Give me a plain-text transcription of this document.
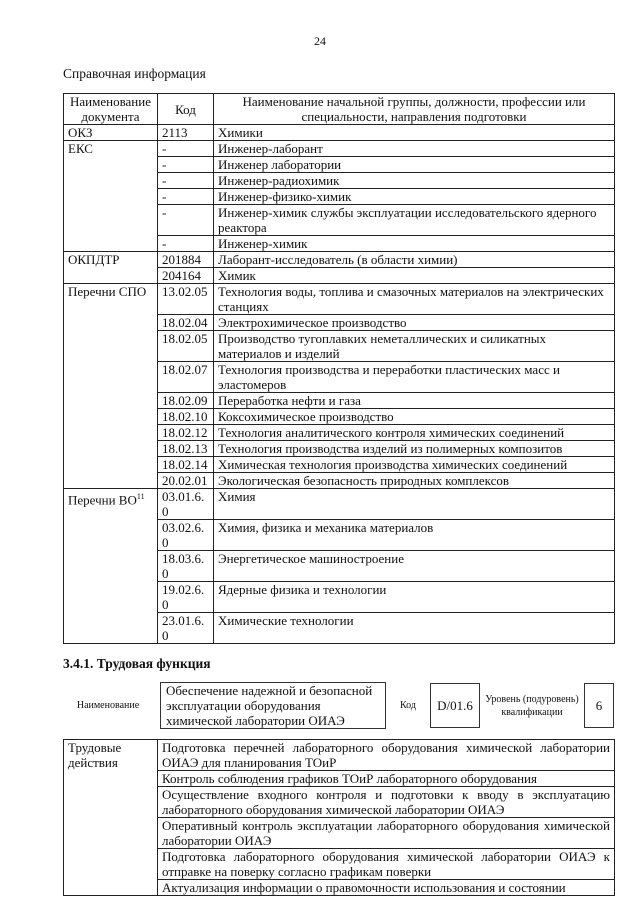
24
Справочная информация
Наименование документа	Код	Наименование начальной группы, должности, профессии или специальности, направления подготовки
ОКЗ	2113	Химики
ЕКС	-	Инженер-лаборант
	-	Инженер лаборатории
	-	Инженер-радиохимик
	-	Инженер-физико-химик
	-	Инженер-химик службы эксплуатации исследовательского ядерного реактора
	-	Инженер-химик
ОКПДТР	201884	Лаборант-исследователь (в области химии)
	204164	Химик
Перечни СПО	13.02.05	Технология воды, топлива и смазочных материалов на электрических станциях
	18.02.04	Электрохимическое производство
	18.02.05	Производство тугоплавких неметаллических и силикатных материалов и изделий
	18.02.07	Технология производства и переработки пластических масс и эластомеров
	18.02.09	Переработка нефти и газа
	18.02.10	Коксохимическое производство
	18.02.12	Технология аналитического контроля химических соединений
	18.02.13	Технология производства изделий из полимерных композитов
	18.02.14	Химическая технология производства химических соединений
	20.02.01	Экологическая безопасность природных комплексов
Перечни ВО$^{11}$	03.01.6.0	Химия
	03.02.6.0	Химия, физика и механика материалов
	18.03.6.0	Энергетическое машиностроение
	19.02.6.0	Ядерные физика и технологии
	23.01.6.0	Химические технологии
3.4.1. Трудовая функция
Наименование
Обеспечение надежной и безопасной эксплуатации оборудования химической лаборатории ОИАЭ
Код	D/01.6	Уровень (подуровень) квалификации	6
Трудовые действия	Подготовка перечней лабораторного оборудования химической лаборатории ОИАЭ для планирования ТОиР
Контроль соблюдения графиков ТОиР лабораторного оборудования
Осуществление входного контроля и подготовки к вводу в эксплуатацию лабораторного оборудования химической лаборатории ОИАЭ
Оперативный контроль эксплуатации лабораторного оборудования химической лаборатории ОИАЭ
Подготовка лабораторного оборудования химической лаборатории ОИАЭ к отправке на поверку согласно графикам поверки
Актуализация информации о правомочности использования и состоянии
